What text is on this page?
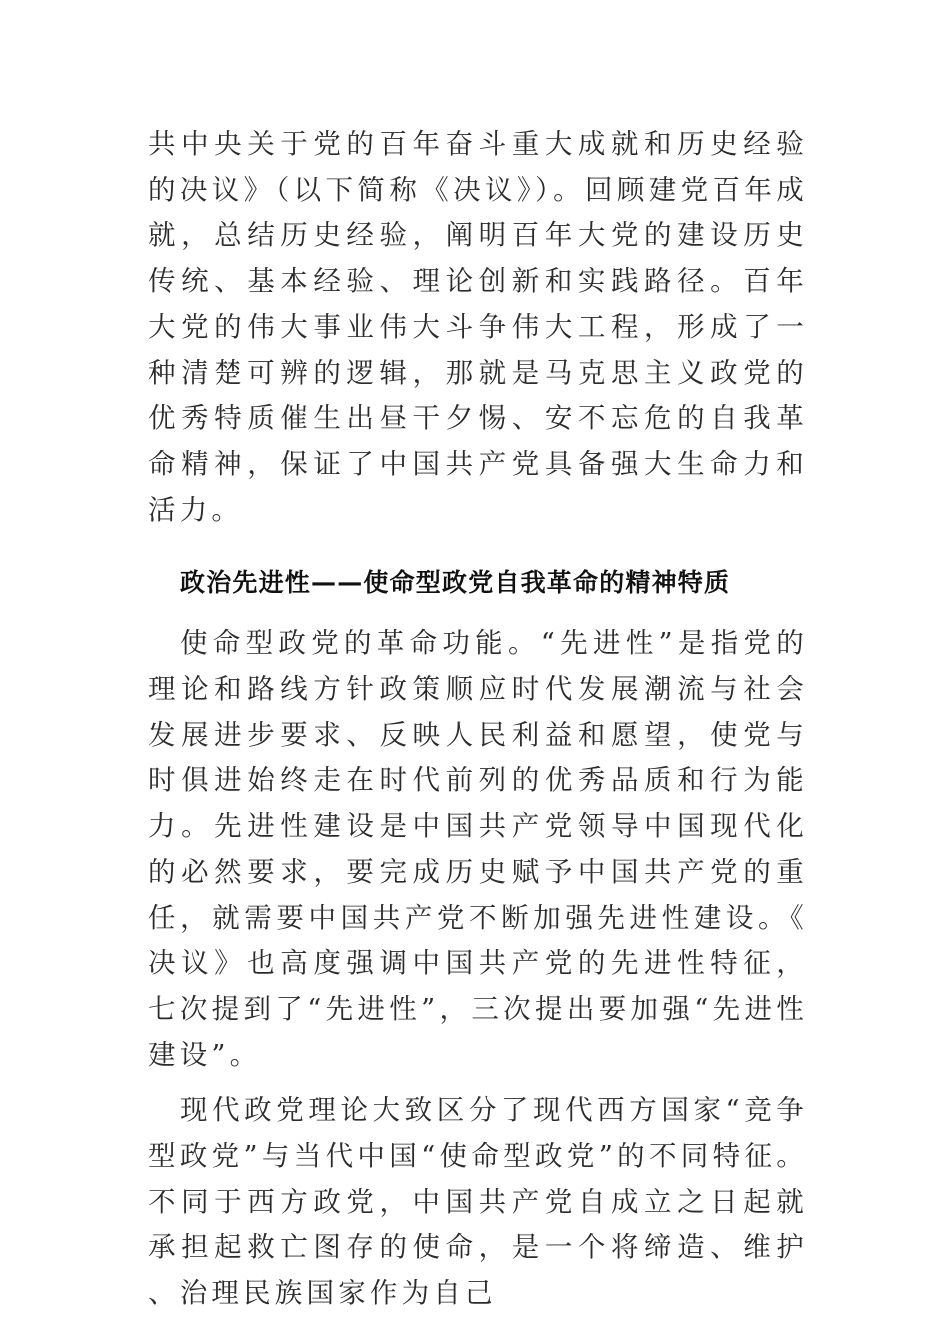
共中央关于党的百年奋斗重大成就和历史经验的决议》（以下简称《决议》）。回顾建党百年成就，总结历史经验，阐明百年大党的建设历史传统、基本经验、理论创新和实践路径。百年大党的伟大事业伟大斗争伟大工程，形成了一种清楚可辨的逻辑，那就是马克思主义政党的优秀特质催生出昼干夕惕、安不忘危的自我革命精神，保证了中国共产党具备强大生命力和活力。

政治先进性——使命型政党自我革命的精神特质

使命型政党的革命功能。“先进性”是指党的理论和路线方针政策顺应时代发展潮流与社会发展进步要求、反映人民利益和愿望，使党与时俱进始终走在时代前列的优秀品质和行为能力。先进性建设是中国共产党领导中国现代化的必然要求，要完成历史赋予中国共产党的重任，就需要中国共产党不断加强先进性建设。《决议》也高度强调中国共产党的先进性特征，七次提到了“先进性”，三次提出要加强“先进性建设”。

现代政党理论大致区分了现代西方国家“竞争型政党”与当代中国“使命型政党”的不同特征。不同于西方政党，中国共产党自成立之日起就承担起救亡图存的使命，是一个将缔造、维护、治理民族国家作为自己
